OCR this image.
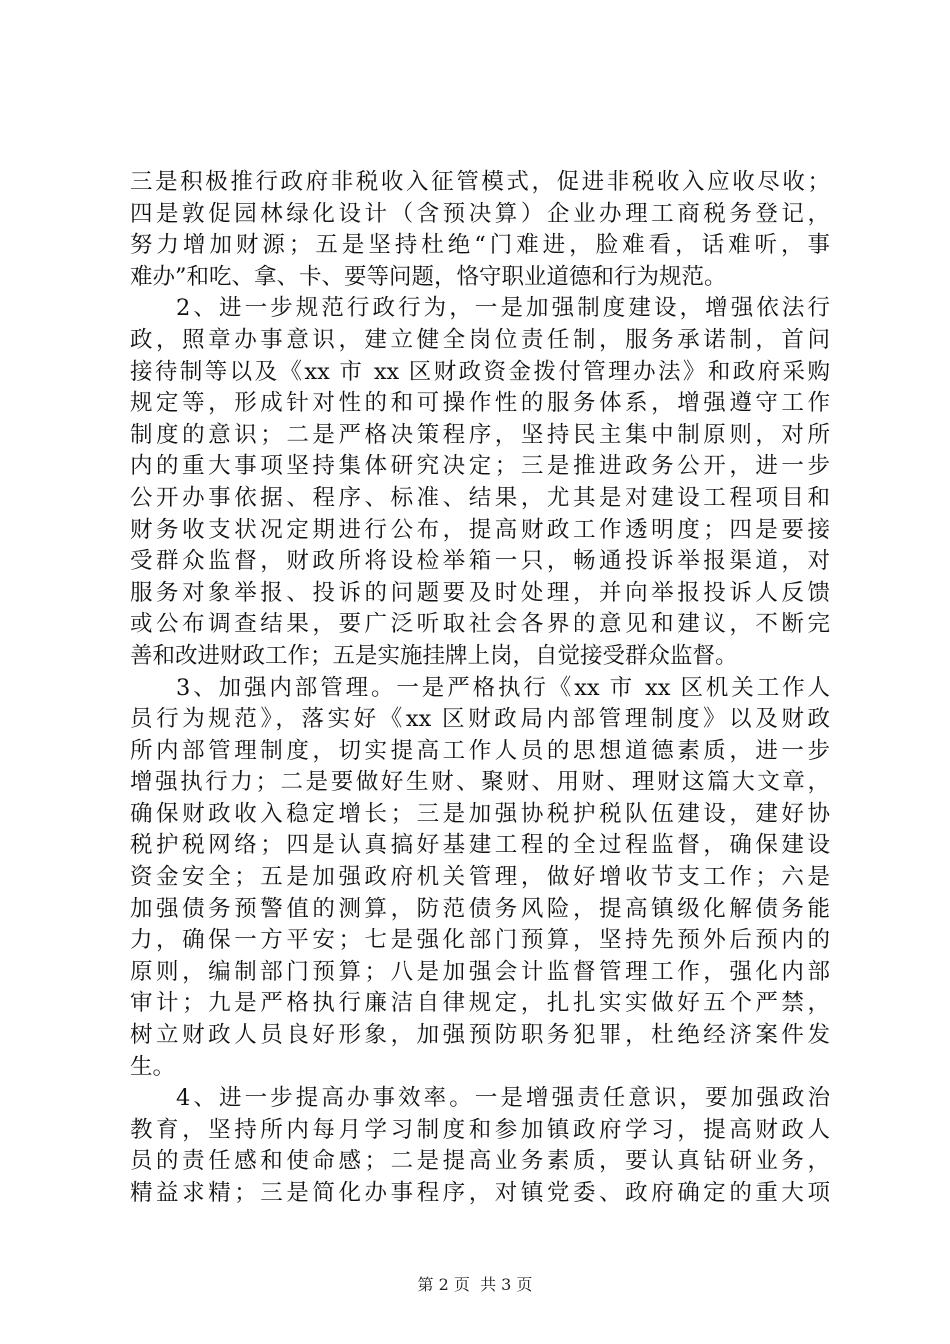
三是积极推行政府非税收入征管模式，促进非税收入应收尽收；
四是敦促园林绿化设计（含预决算）企业办理工商税务登记，
努力增加财源；五是坚持杜绝“门难进，脸难看，话难听，事
难办”和吃、拿、卡、要等问题，恪守职业道德和行为规范。
2、进一步规范行政行为，一是加强制度建设，增强依法行
政，照章办事意识，建立健全岗位责任制，服务承诺制，首问
接待制等以及《xx 市 xx 区财政资金拨付管理办法》和政府采购
规定等，形成针对性的和可操作性的服务体系，增强遵守工作
制度的意识；二是严格决策程序，坚持民主集中制原则，对所
内的重大事项坚持集体研究决定；三是推进政务公开，进一步
公开办事依据、程序、标准、结果，尤其是对建设工程项目和
财务收支状况定期进行公布，提高财政工作透明度；四是要接
受群众监督，财政所将设检举箱一只，畅通投诉举报渠道，对
服务对象举报、投诉的问题要及时处理，并向举报投诉人反馈
或公布调查结果，要广泛听取社会各界的意见和建议，不断完
善和改进财政工作；五是实施挂牌上岗，自觉接受群众监督。
3、加强内部管理。一是严格执行《xx 市 xx 区机关工作人
员行为规范》，落实好《xx 区财政局内部管理制度》以及财政
所内部管理制度，切实提高工作人员的思想道德素质，进一步
增强执行力；二是要做好生财、聚财、用财、理财这篇大文章，
确保财政收入稳定增长；三是加强协税护税队伍建设，建好协
税护税网络；四是认真搞好基建工程的全过程监督，确保建设
资金安全；五是加强政府机关管理，做好增收节支工作；六是
加强债务预警值的测算，防范债务风险，提高镇级化解债务能
力，确保一方平安；七是强化部门预算，坚持先预外后预内的
原则，编制部门预算；八是加强会计监督管理工作，强化内部
审计；九是严格执行廉洁自律规定，扎扎实实做好五个严禁，
树立财政人员良好形象，加强预防职务犯罪，杜绝经济案件发
生。
4、进一步提高办事效率。一是增强责任意识，要加强政治
教育，坚持所内每月学习制度和参加镇政府学习，提高财政人
员的责任感和使命感；二是提高业务素质，要认真钻研业务，
精益求精；三是简化办事程序，对镇党委、政府确定的重大项
第 2 页  共 3 页
